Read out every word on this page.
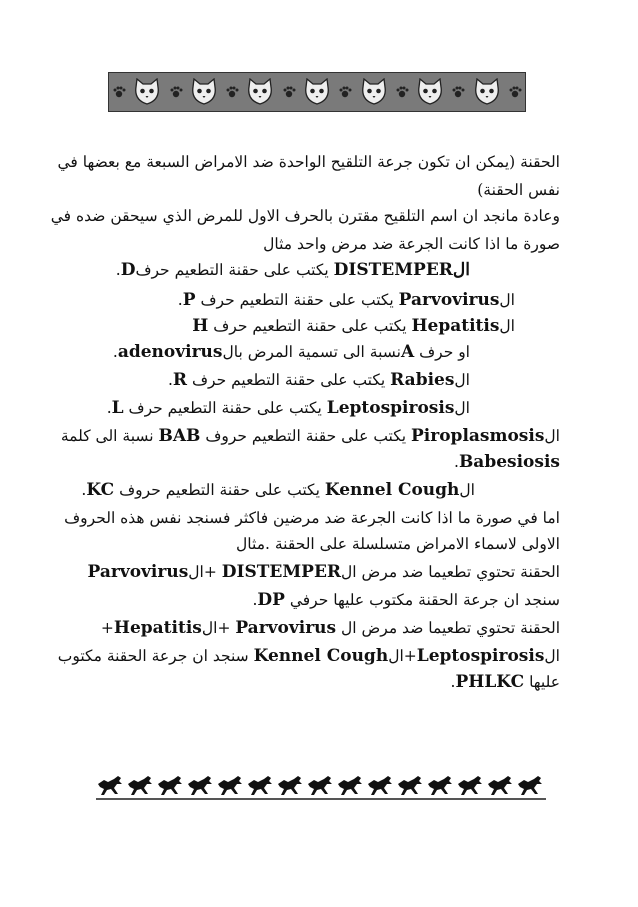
الحقنة (يمكن ان تكون جرعة التلقيح الواحدة ضد الامراض السبعة مع بعضها في
نفس الحقنة)
وعادة مانجد ان اسم التلقيح مقترن بالحرف الاول للمرض الذي سيحقن ضده في
صورة ما اذا كانت الجرعة ضد مرض واحد مثال
الDISTEMPER يكتب على حقنة التطعيم حرفD.
الParvovirus يكتب على حقنة التطعيم حرف P.
الHepatitis يكتب على حقنة التطعيم حرف H
او حرف Aنسبة الى تسمية المرض بالadenovirus.
الRabies يكتب على حقنة التطعيم حرف R.
الLeptospirosis يكتب على حقنة التطعيم حرف L.
الPiroplasmosis يكتب على حقنة التطعيم حروف BAB نسبة الى كلمة
Babesiosis.
الKennel Cough يكتب على حقنة التطعيم حروف KC.
اما في صورة ما اذا كانت الجرعة ضد مرضين فاكثر فسنجد نفس هذه الحروف
الاولى لاسماء الامراض متسلسلة على الحقنة .مثال
الحقنة تحتوي تطعيما ضد مرض الDISTEMPER +الParvovirus
سنجد ان جرعة الحقنة مكتوب عليها حرفي DP.
الحقنة تحتوي تطعيما ضد مرض ال Parvovirus +الHepatitis+
الLeptospirosis+الKennel Cough سنجد ان جرعة الحقنة مكتوب
عليها PHLKC.
